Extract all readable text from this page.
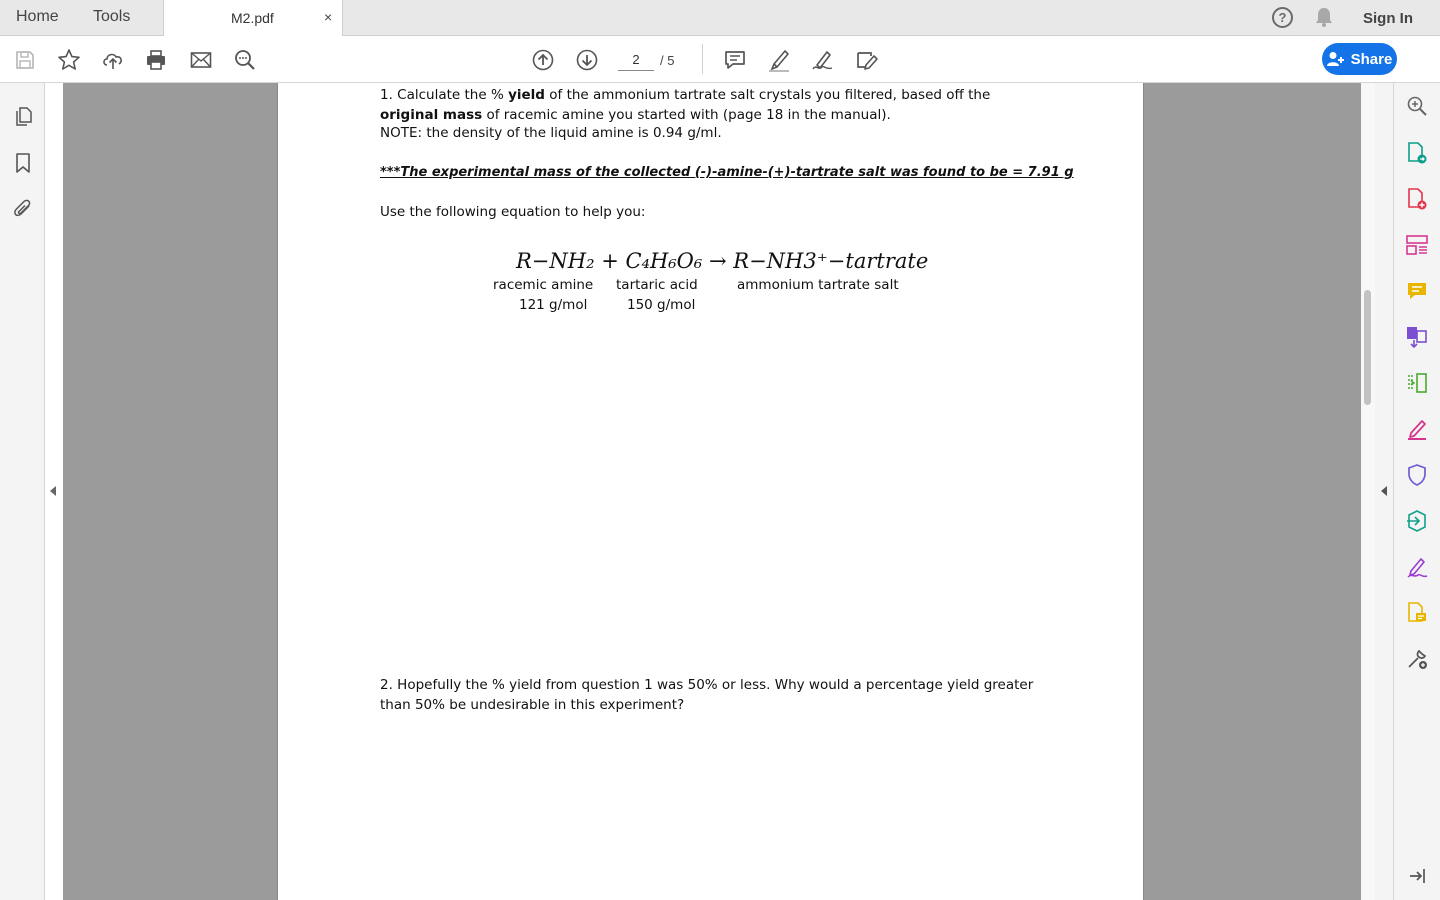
Home Tools	M2.pdf	×	?	Sign In
2
/ 5	Share
1. Calculate the % yield of the ammonium tartrate salt crystals you filtered, based off the original mass of racemic amine you started with (page 18 in the manual).
NOTE: the density of the liquid amine is 0.94 g/ml.
***The experimental mass of the collected (-)-amine-(+)-tartrate salt was found to be = 7.91 g
Use the following equation to help you:
R−NH₂ + C₄H₆O₆ → R−NH3⁺−tartrate
racemic amine tartaric acid	ammonium tartrate salt
121 g/mol	150 g/mol
2. Hopefully the % yield from question 1 was 50% or less. Why would a percentage yield greater than 50% be undesirable in this experiment?
